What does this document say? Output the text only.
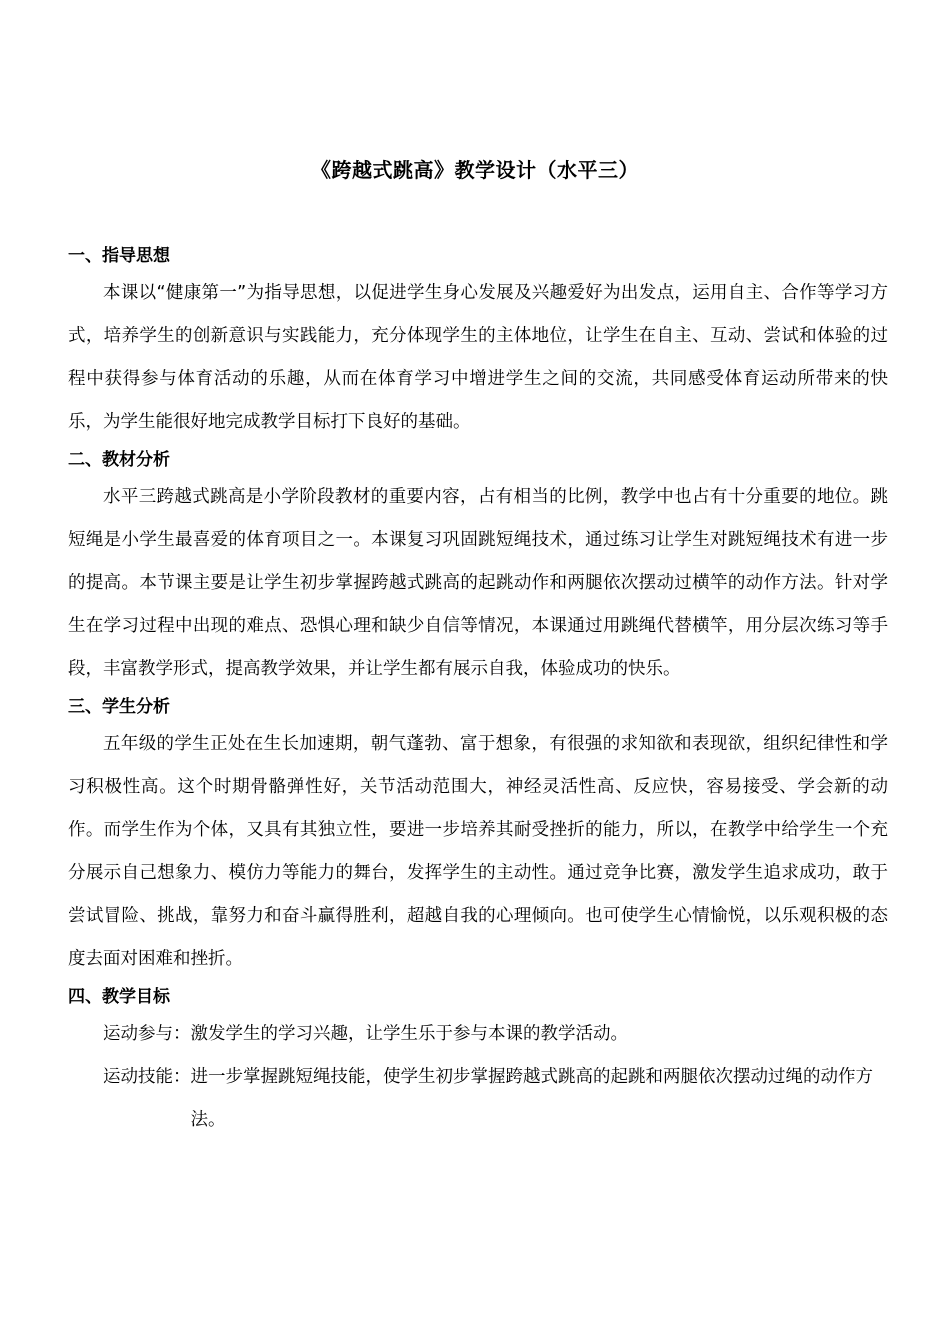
《跨越式跳高》教学设计（水平三）
一、指导思想

本课以“健康第一”为指导思想，以促进学生身心发展及兴趣爱好为出发点，运用自主、合作等学习方式，培养学生的创新意识与实践能力，充分体现学生的主体地位，让学生在自主、互动、尝试和体验的过程中获得参与体育活动的乐趣，从而在体育学习中增进学生之间的交流，共同感受体育运动所带来的快乐，为学生能很好地完成教学目标打下良好的基础。

二、教材分析

水平三跨越式跳高是小学阶段教材的重要内容，占有相当的比例，教学中也占有十分重要的地位。跳短绳是小学生最喜爱的体育项目之一。本课复习巩固跳短绳技术，通过练习让学生对跳短绳技术有进一步的提高。本节课主要是让学生初步掌握跨越式跳高的起跳动作和两腿依次摆动过横竿的动作方法。针对学生在学习过程中出现的难点、恐惧心理和缺少自信等情况，本课通过用跳绳代替横竿，用分层次练习等手段，丰富教学形式，提高教学效果，并让学生都有展示自我，体验成功的快乐。

三、学生分析

五年级的学生正处在生长加速期，朝气蓬勃、富于想象，有很强的求知欲和表现欲，组织纪律性和学习积极性高。这个时期骨骼弹性好，关节活动范围大，神经灵活性高、反应快，容易接受、学会新的动作。而学生作为个体，又具有其独立性，要进一步培养其耐受挫折的能力，所以，在教学中给学生一个充分展示自己想象力、模仿力等能力的舞台，发挥学生的主动性。通过竞争比赛，激发学生追求成功，敢于尝试冒险、挑战，靠努力和奋斗赢得胜利，超越自我的心理倾向。也可使学生心情愉悦，以乐观积极的态度去面对困难和挫折。

四、教学目标
运动参与： 激发学生的学习兴趣，让学生乐于参与本课的教学活动。
运动技能： 进一步掌握跳短绳技能，使学生初步掌握跨越式跳高的起跳和两腿依次摆动过绳的动作方法。
